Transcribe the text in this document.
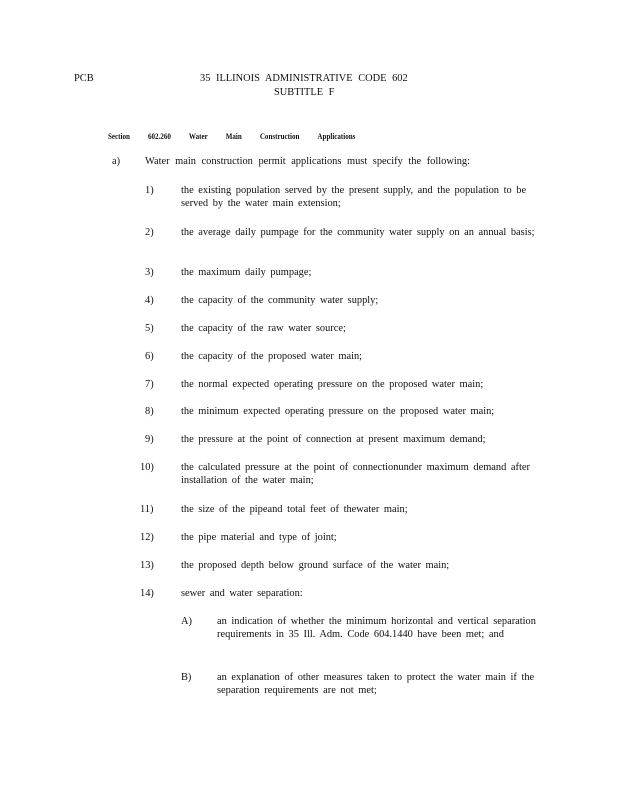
PCB	35 ILLINOIS ADMINISTRATIVE CODE 602
SUBTITLE F
Section 602.260 Water Main Construction Applications
a) Water main construction permit applications must specify the following:
1)	the existing population served by the present supply, and the population to be served by the water main extension;
2)	the average daily pumpage for the community water supply on an annual basis;
3)	the maximum daily pumpage;
4)	the capacity of the community water supply;
5)	the capacity of the raw water source;
6)	the capacity of the proposed water main;
7)	the normal expected operating pressure on the proposed water main;
8)	the minimum expected operating pressure on the proposed water main;
9)	the pressure at the point of connection at present maximum demand;
10)	the calculated pressure at the point of connectionunder maximum demand after installation of the water main;
11)	the size of the pipeand total feet of thewater main;
12)	the pipe material and type of joint;
13)	the proposed depth below ground surface of the water main;
14)	sewer and water separation:
A) an indication of whether the minimum horizontal and vertical separation requirements in 35 Ill. Adm. Code 604.1440 have been met; and
B) an explanation of other measures taken to protect the water main if the separation requirements are not met;
